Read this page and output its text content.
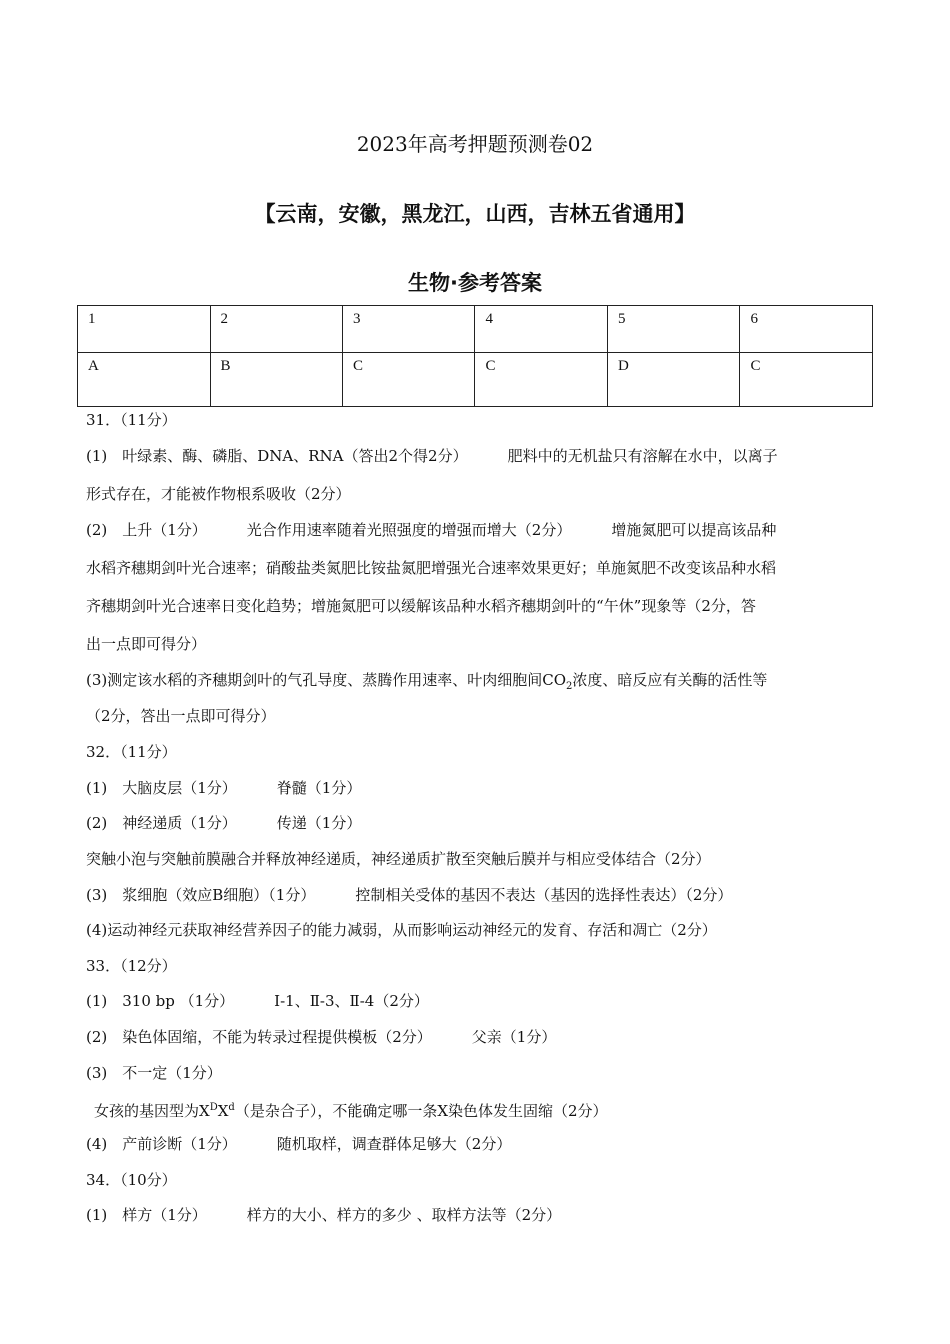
2023年高考押题预测卷02
【云南，安徽，黑龙江，山西，吉林五省通用】
生物·参考答案
1	2	3	4	5	6
A	B	C	C	D	C
31．（11分）
(1)　叶绿素、酶、磷脂、DNA、RNA（答出2个得2分）	肥料中的无机盐只有溶解在水中，以离子
形式存在，才能被作物根系吸收（2分）
(2)　上升（1分）	光合作用速率随着光照强度的增强而增大（2分）	增施氮肥可以提高该品种
水稻齐穗期剑叶光合速率；硝酸盐类氮肥比铵盐氮肥增强光合速率效果更好；单施氮肥不改变该品种水稻
齐穗期剑叶光合速率日变化趋势；增施氮肥可以缓解该品种水稻齐穗期剑叶的“午休”现象等（2分，答
出一点即可得分）
(3)测定该水稻的齐穗期剑叶的气孔导度、蒸腾作用速率、叶肉细胞间$CO_2$浓度、暗反应有关酶的活性等
（2分，答出一点即可得分）
32．（11分）
(1)　大脑皮层（1分）	脊髓（1分）
(2)　神经递质（1分）	传递（1分）
突触小泡与突触前膜融合并释放神经递质，神经递质扩散至突触后膜并与相应受体结合（2分）
(3)　浆细胞（效应B细胞）（1分）	控制相关受体的基因不表达（基因的选择性表达）（2分）
(4)运动神经元获取神经营养因子的能力减弱，从而影响运动神经元的发育、存活和凋亡（2分）
33．（12分）
(1)　310 bp （1分）	Ⅰ-1、Ⅱ-3、Ⅱ-4（2分）
(2)　染色体固缩，不能为转录过程提供模板（2分）	父亲（1分）
(3)　不一定（1分）
女孩的基因型为$X^DX^d$（是杂合子），不能确定哪一条X染色体发生固缩（2分）
(4)　产前诊断（1分）	随机取样，调查群体足够大（2分）
34．（10分）
(1)　样方（1分）	样方的大小、样方的多少 、取样方法等（2分）
